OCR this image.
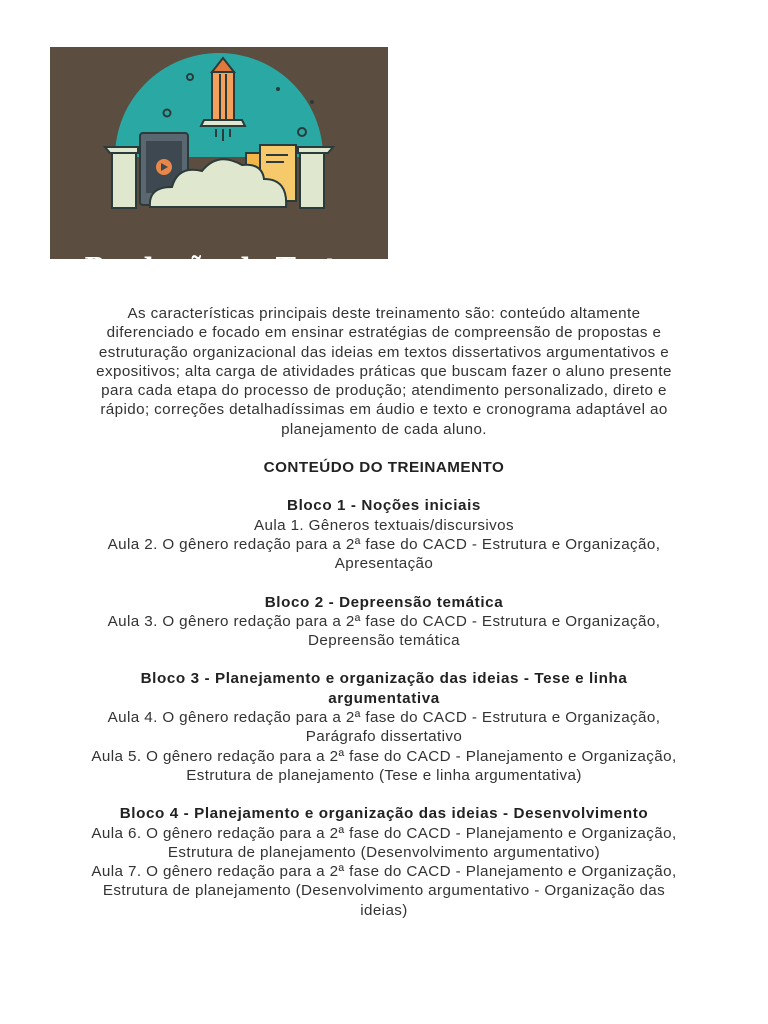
Produção de Texto

As características principais deste treinamento são: conteúdo altamente diferenciado e focado em ensinar estratégias de compreensão de propostas e estruturação organizacional das ideias em textos dissertativos argumentativos e expositivos; alta carga de atividades práticas que buscam fazer o aluno presente para cada etapa do processo de produção; atendimento personalizado, direto e rápido; correções detalhadíssimas em áudio e texto e cronograma adaptável ao planejamento de cada aluno.

CONTEÚDO DO TREINAMENTO
Bloco 1 - Noções iniciais
Aula 1. Gêneros textuais/discursivos
Aula 2. O gênero redação para a 2ª fase do CACD - Estrutura e Organização, Apresentação
Bloco 2 - Depreensão temática
Aula 3. O gênero redação para a 2ª fase do CACD - Estrutura e Organização, Depreensão temática
Bloco 3 - Planejamento e organização das ideias - Tese e linha argumentativa
Aula 4. O gênero redação para a 2ª fase do CACD - Estrutura e Organização, Parágrafo dissertativo
Aula 5. O gênero redação para a 2ª fase do CACD - Planejamento e Organização, Estrutura de planejamento (Tese e linha argumentativa)
Bloco 4 - Planejamento e organização das ideias - Desenvolvimento
Aula 6. O gênero redação para a 2ª fase do CACD - Planejamento e Organização, Estrutura de planejamento (Desenvolvimento argumentativo)
Aula 7. O gênero redação para a 2ª fase do CACD - Planejamento e Organização, Estrutura de planejamento (Desenvolvimento argumentativo - Organização das ideias)
